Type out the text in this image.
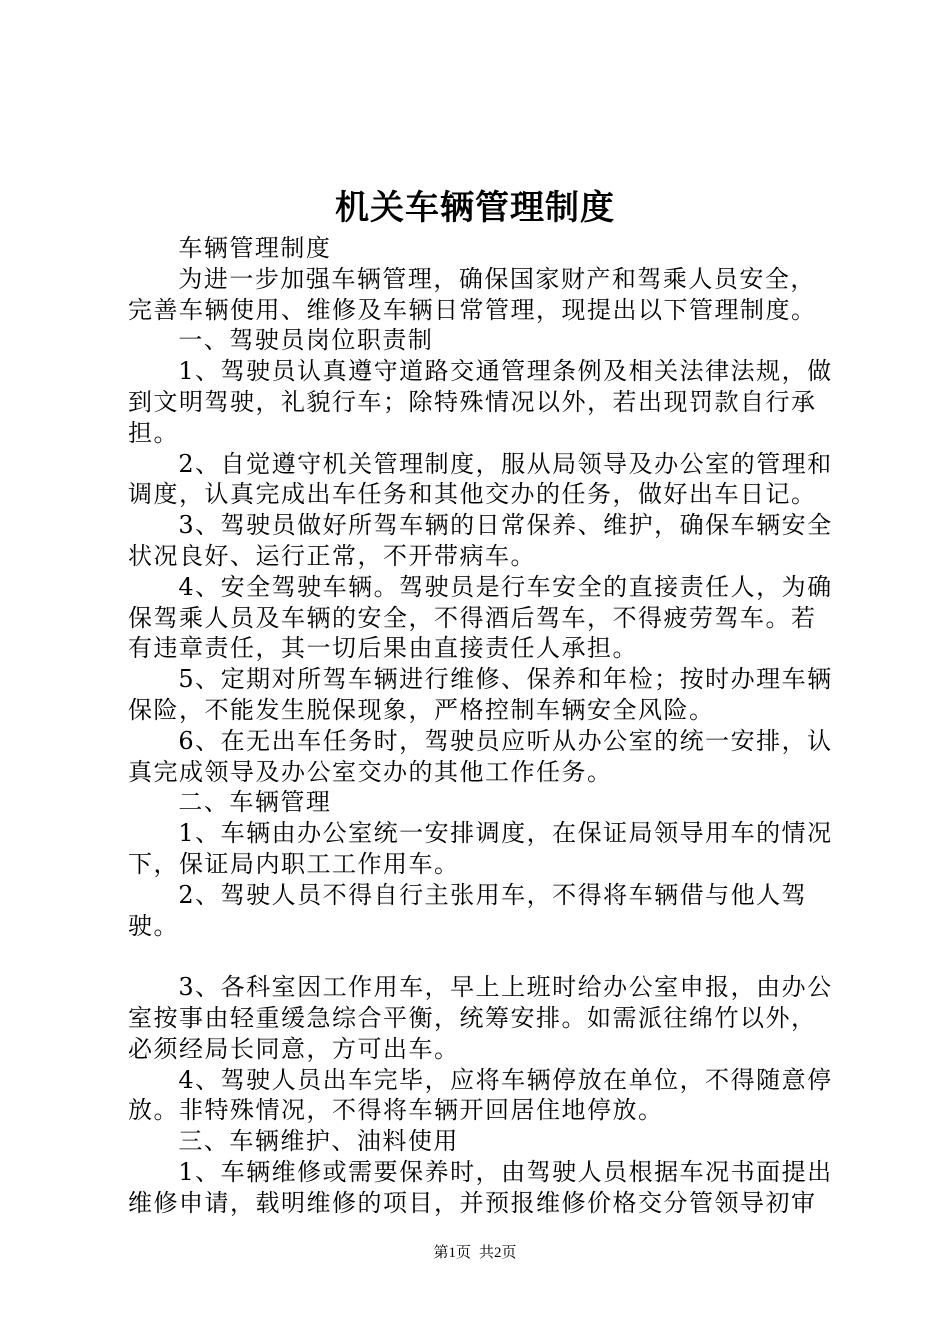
机关车辆管理制度

车辆管理制度

为进一步加强车辆管理，确保国家财产和驾乘人员安全，完善车辆使用、维修及车辆日常管理，现提出以下管理制度。

一、驾驶员岗位职责制

1、驾驶员认真遵守道路交通管理条例及相关法律法规，做到文明驾驶，礼貌行车；除特殊情况以外，若出现罚款自行承担。

2、自觉遵守机关管理制度，服从局领导及办公室的管理和调度，认真完成出车任务和其他交办的任务，做好出车日记。

3、驾驶员做好所驾车辆的日常保养、维护，确保车辆安全状况良好、运行正常，不开带病车。

4、安全驾驶车辆。驾驶员是行车安全的直接责任人，为确保驾乘人员及车辆的安全，不得酒后驾车，不得疲劳驾车。若有违章责任，其一切后果由直接责任人承担。

5、定期对所驾车辆进行维修、保养和年检；按时办理车辆保险，不能发生脱保现象，严格控制车辆安全风险。

6、在无出车任务时，驾驶员应听从办公室的统一安排，认真完成领导及办公室交办的其他工作任务。

二、车辆管理

1、车辆由办公室统一安排调度，在保证局领导用车的情况下，保证局内职工工作用车。

2、驾驶人员不得自行主张用车，不得将车辆借与他人驾驶。

3、各科室因工作用车，早上上班时给办公室申报，由办公室按事由轻重缓急综合平衡，统筹安排。如需派往绵竹以外，必须经局长同意，方可出车。

4、驾驶人员出车完毕，应将车辆停放在单位，不得随意停放。非特殊情况，不得将车辆开回居住地停放。

三、车辆维护、油料使用

1、车辆维修或需要保养时，由驾驶人员根据车况书面提出维修申请，载明维修的项目，并预报维修价格交分管领导初审

第1页 共2页
